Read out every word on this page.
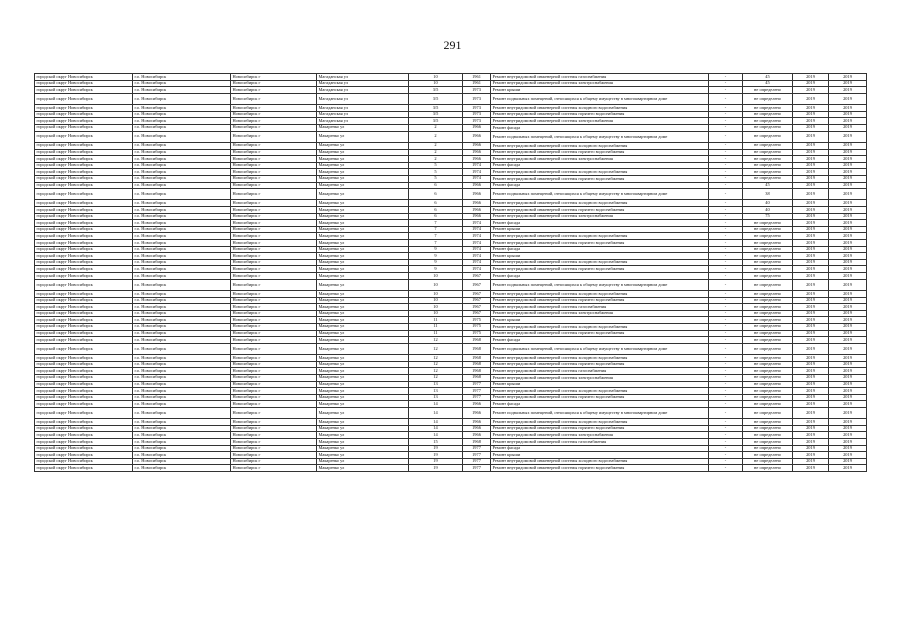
291
городской округ Новосибирск	г.о. Новосибирск	Новосибирск г	Магаданская ул	10	1961	Ремонт внутридомовой инженерной системы газоснабжения	-	45	2019	2019
городской округ Новосибирск	г.о. Новосибирск	Новосибирск г	Магаданская ул	10	1961	Ремонт внутридомовой инженерной системы электроснабжения	-	45	2019	2019
городской округ Новосибирск	г.о. Новосибирск	Новосибирск г	Магаданская ул	3/5	1973	Ремонт крыши	-	не определено	2019	2019
городской округ Новосибирск	г.о. Новосибирск	Новосибирск г	Магаданская ул	3/5	1973	Ремонт подвальных помещений, относящихся к общему имуществу в многоквартирном доме	-	не определено	2019	2019
городской округ Новосибирск	г.о. Новосибирск	Новосибирск г	Магаданская ул	3/5	1973	Ремонт внутридомовой инженерной системы холодного водоснабжения	-	не определено	2019	2019
городской округ Новосибирск	г.о. Новосибирск	Новосибирск г	Магаданская ул	3/5	1973	Ремонт внутридомовой инженерной системы горячего водоснабжения	-	не определено	2019	2019
городской округ Новосибирск	г.о. Новосибирск	Новосибирск г	Магаданская ул	3/5	1973	Ремонт внутридомовой инженерной системы электроснабжения	-	не определено	2019	2019
городской округ Новосибирск	г.о. Новосибирск	Новосибирск г	Макаренко ул	2	1966	Ремонт фасада	-	не определено	2019	2019
городской округ Новосибирск	г.о. Новосибирск	Новосибирск г	Макаренко ул	2	1966	Ремонт подвальных помещений, относящихся к общему имуществу в многоквартирном доме	-	не определено	2019	2019
городской округ Новосибирск	г.о. Новосибирск	Новосибирск г	Макаренко ул	2	1966	Ремонт внутридомовой инженерной системы холодного водоснабжения	-	не определено	2019	2019
городской округ Новосибирск	г.о. Новосибирск	Новосибирск г	Макаренко ул	2	1966	Ремонт внутридомовой инженерной системы горячего водоснабжения	-	не определено	2019	2019
городской округ Новосибирск	г.о. Новосибирск	Новосибирск г	Макаренко ул	2	1966	Ремонт внутридомовой инженерной системы электроснабжения	-	не определено	2019	2019
городской округ Новосибирск	г.о. Новосибирск	Новосибирск г	Макаренко ул	5	1974	Ремонт фасада	-	не определено	2019	2019
городской округ Новосибирск	г.о. Новосибирск	Новосибирск г	Макаренко ул	5	1974	Ремонт внутридомовой инженерной системы холодного водоснабжения	-	не определено	2019	2019
городской округ Новосибирск	г.о. Новосибирск	Новосибирск г	Макаренко ул	5	1974	Ремонт внутридомовой инженерной системы горячего водоснабжения	-	не определено	2019	2019
городской округ Новосибирск	г.о. Новосибирск	Новосибирск г	Макаренко ул	6	1966	Ремонт фасада	-	45	2019	2019
городской округ Новосибирск	г.о. Новосибирск	Новосибирск г	Макаренко ул	6	1966	Ремонт подвальных помещений, относящихся к общему имуществу в многоквартирном доме	-	38	2019	2019
городской округ Новосибирск	г.о. Новосибирск	Новосибирск г	Макаренко ул	6	1966	Ремонт внутридомовой инженерной системы холодного водоснабжения	-	40	2019	2019
городской округ Новосибирск	г.о. Новосибирск	Новосибирск г	Макаренко ул	6	1966	Ремонт внутридомовой инженерной системы горячего водоснабжения	-	40	2019	2019
городской округ Новосибирск	г.о. Новосибирск	Новосибирск г	Макаренко ул	6	1966	Ремонт внутридомовой инженерной системы электроснабжения	-	75	2019	2019
городской округ Новосибирск	г.о. Новосибирск	Новосибирск г	Макаренко ул	7	1974	Ремонт фасада	-	не определено	2019	2019
городской округ Новосибирск	г.о. Новосибирск	Новосибирск г	Макаренко ул	7	1974	Ремонт крыши	-	не определено	2019	2019
городской округ Новосибирск	г.о. Новосибирск	Новосибирск г	Макаренко ул	7	1974	Ремонт внутридомовой инженерной системы холодного водоснабжения	-	не определено	2019	2019
городской округ Новосибирск	г.о. Новосибирск	Новосибирск г	Макаренко ул	7	1974	Ремонт внутридомовой инженерной системы горячего водоснабжения	-	не определено	2019	2019
городской округ Новосибирск	г.о. Новосибирск	Новосибирск г	Макаренко ул	9	1974	Ремонт фасада	-	не определено	2019	2019
городской округ Новосибирск	г.о. Новосибирск	Новосибирск г	Макаренко ул	9	1974	Ремонт крыши	-	не определено	2019	2019
городской округ Новосибирск	г.о. Новосибирск	Новосибирск г	Макаренко ул	9	1974	Ремонт внутридомовой инженерной системы холодного водоснабжения	-	не определено	2019	2019
городской округ Новосибирск	г.о. Новосибирск	Новосибирск г	Макаренко ул	9	1974	Ремонт внутридомовой инженерной системы горячего водоснабжения	-	не определено	2019	2019
городской округ Новосибирск	г.о. Новосибирск	Новосибирск г	Макаренко ул	10	1967	Ремонт фасада	-	не определено	2019	2019
городской округ Новосибирск	г.о. Новосибирск	Новосибирск г	Макаренко ул	10	1967	Ремонт подвальных помещений, относящихся к общему имуществу в многоквартирном доме	-	не определено	2019	2019
городской округ Новосибирск	г.о. Новосибирск	Новосибирск г	Макаренко ул	10	1967	Ремонт внутридомовой инженерной системы холодного водоснабжения	-	не определено	2019	2019
городской округ Новосибирск	г.о. Новосибирск	Новосибирск г	Макаренко ул	10	1967	Ремонт внутридомовой инженерной системы горячего водоснабжения	-	не определено	2019	2019
городской округ Новосибирск	г.о. Новосибирск	Новосибирск г	Макаренко ул	10	1967	Ремонт внутридомовой инженерной системы газоснабжения	-	не определено	2019	2019
городской округ Новосибирск	г.о. Новосибирск	Новосибирск г	Макаренко ул	10	1967	Ремонт внутридомовой инженерной системы электроснабжения	-	не определено	2019	2019
городской округ Новосибирск	г.о. Новосибирск	Новосибирск г	Макаренко ул	11	1975	Ремонт крыши	-	не определено	2019	2019
городской округ Новосибирск	г.о. Новосибирск	Новосибирск г	Макаренко ул	11	1975	Ремонт внутридомовой инженерной системы холодного водоснабжения	-	не определено	2019	2019
городской округ Новосибирск	г.о. Новосибирск	Новосибирск г	Макаренко ул	11	1975	Ремонт внутридомовой инженерной системы горячего водоснабжения	-	не определено	2019	2019
городской округ Новосибирск	г.о. Новосибирск	Новосибирск г	Макаренко ул	12	1968	Ремонт фасада	-	не определено	2019	2019
городской округ Новосибирск	г.о. Новосибирск	Новосибирск г	Макаренко ул	12	1968	Ремонт подвальных помещений, относящихся к общему имуществу в многоквартирном доме	-	не определено	2019	2019
городской округ Новосибирск	г.о. Новосибирск	Новосибирск г	Макаренко ул	12	1968	Ремонт внутридомовой инженерной системы холодного водоснабжения	-	не определено	2019	2019
городской округ Новосибирск	г.о. Новосибирск	Новосибирск г	Макаренко ул	12	1968	Ремонт внутридомовой инженерной системы горячего водоснабжения	-	не определено	2019	2019
городской округ Новосибирск	г.о. Новосибирск	Новосибирск г	Макаренко ул	12	1968	Ремонт внутридомовой инженерной системы газоснабжения	-	не определено	2019	2019
городской округ Новосибирск	г.о. Новосибирск	Новосибирск г	Макаренко ул	12	1968	Ремонт внутридомовой инженерной системы электроснабжения	-	не определено	2019	2019
городской округ Новосибирск	г.о. Новосибирск	Новосибирск г	Макаренко ул	13	1977	Ремонт крыши	-	не определено	2019	2019
городской округ Новосибирск	г.о. Новосибирск	Новосибирск г	Макаренко ул	13	1977	Ремонт внутридомовой инженерной системы холодного водоснабжения	-	не определено	2019	2019
городской округ Новосибирск	г.о. Новосибирск	Новосибирск г	Макаренко ул	13	1977	Ремонт внутридомовой инженерной системы горячего водоснабжения	-	не определено	2019	2019
городской округ Новосибирск	г.о. Новосибирск	Новосибирск г	Макаренко ул	14	1966	Ремонт фасада	-	не определено	2019	2019
городской округ Новосибирск	г.о. Новосибирск	Новосибирск г	Макаренко ул	14	1966	Ремонт подвальных помещений, относящихся к общему имуществу в многоквартирном доме	-	не определено	2019	2019
городской округ Новосибирск	г.о. Новосибирск	Новосибирск г	Макаренко ул	14	1966	Ремонт внутридомовой инженерной системы холодного водоснабжения	-	не определено	2019	2019
городской округ Новосибирск	г.о. Новосибирск	Новосибирск г	Макаренко ул	14	1966	Ремонт внутридомовой инженерной системы горячего водоснабжения	-	не определено	2019	2019
городской округ Новосибирск	г.о. Новосибирск	Новосибирск г	Макаренко ул	14	1966	Ремонт внутридомовой инженерной системы электроснабжения	-	не определено	2019	2019
городской округ Новосибирск	г.о. Новосибирск	Новосибирск г	Макаренко ул	15	1968	Ремонт внутридомовой инженерной системы газоснабжения	-	не определено	2019	2019
городской округ Новосибирск	г.о. Новосибирск	Новосибирск г	Макаренко ул	19	1977	Ремонт фасада	-	не определено	2019	2019
городской округ Новосибирск	г.о. Новосибирск	Новосибирск г	Макаренко ул	19	1977	Ремонт крыши	-	не определено	2019	2019
городской округ Новосибирск	г.о. Новосибирск	Новосибирск г	Макаренко ул	19	1977	Ремонт внутридомовой инженерной системы холодного водоснабжения	-	не определено	2019	2019
городской округ Новосибирск	г.о. Новосибирск	Новосибирск г	Макаренко ул	19	1977	Ремонт внутридомовой инженерной системы горячего водоснабжения	-	не определено	2019	2019
